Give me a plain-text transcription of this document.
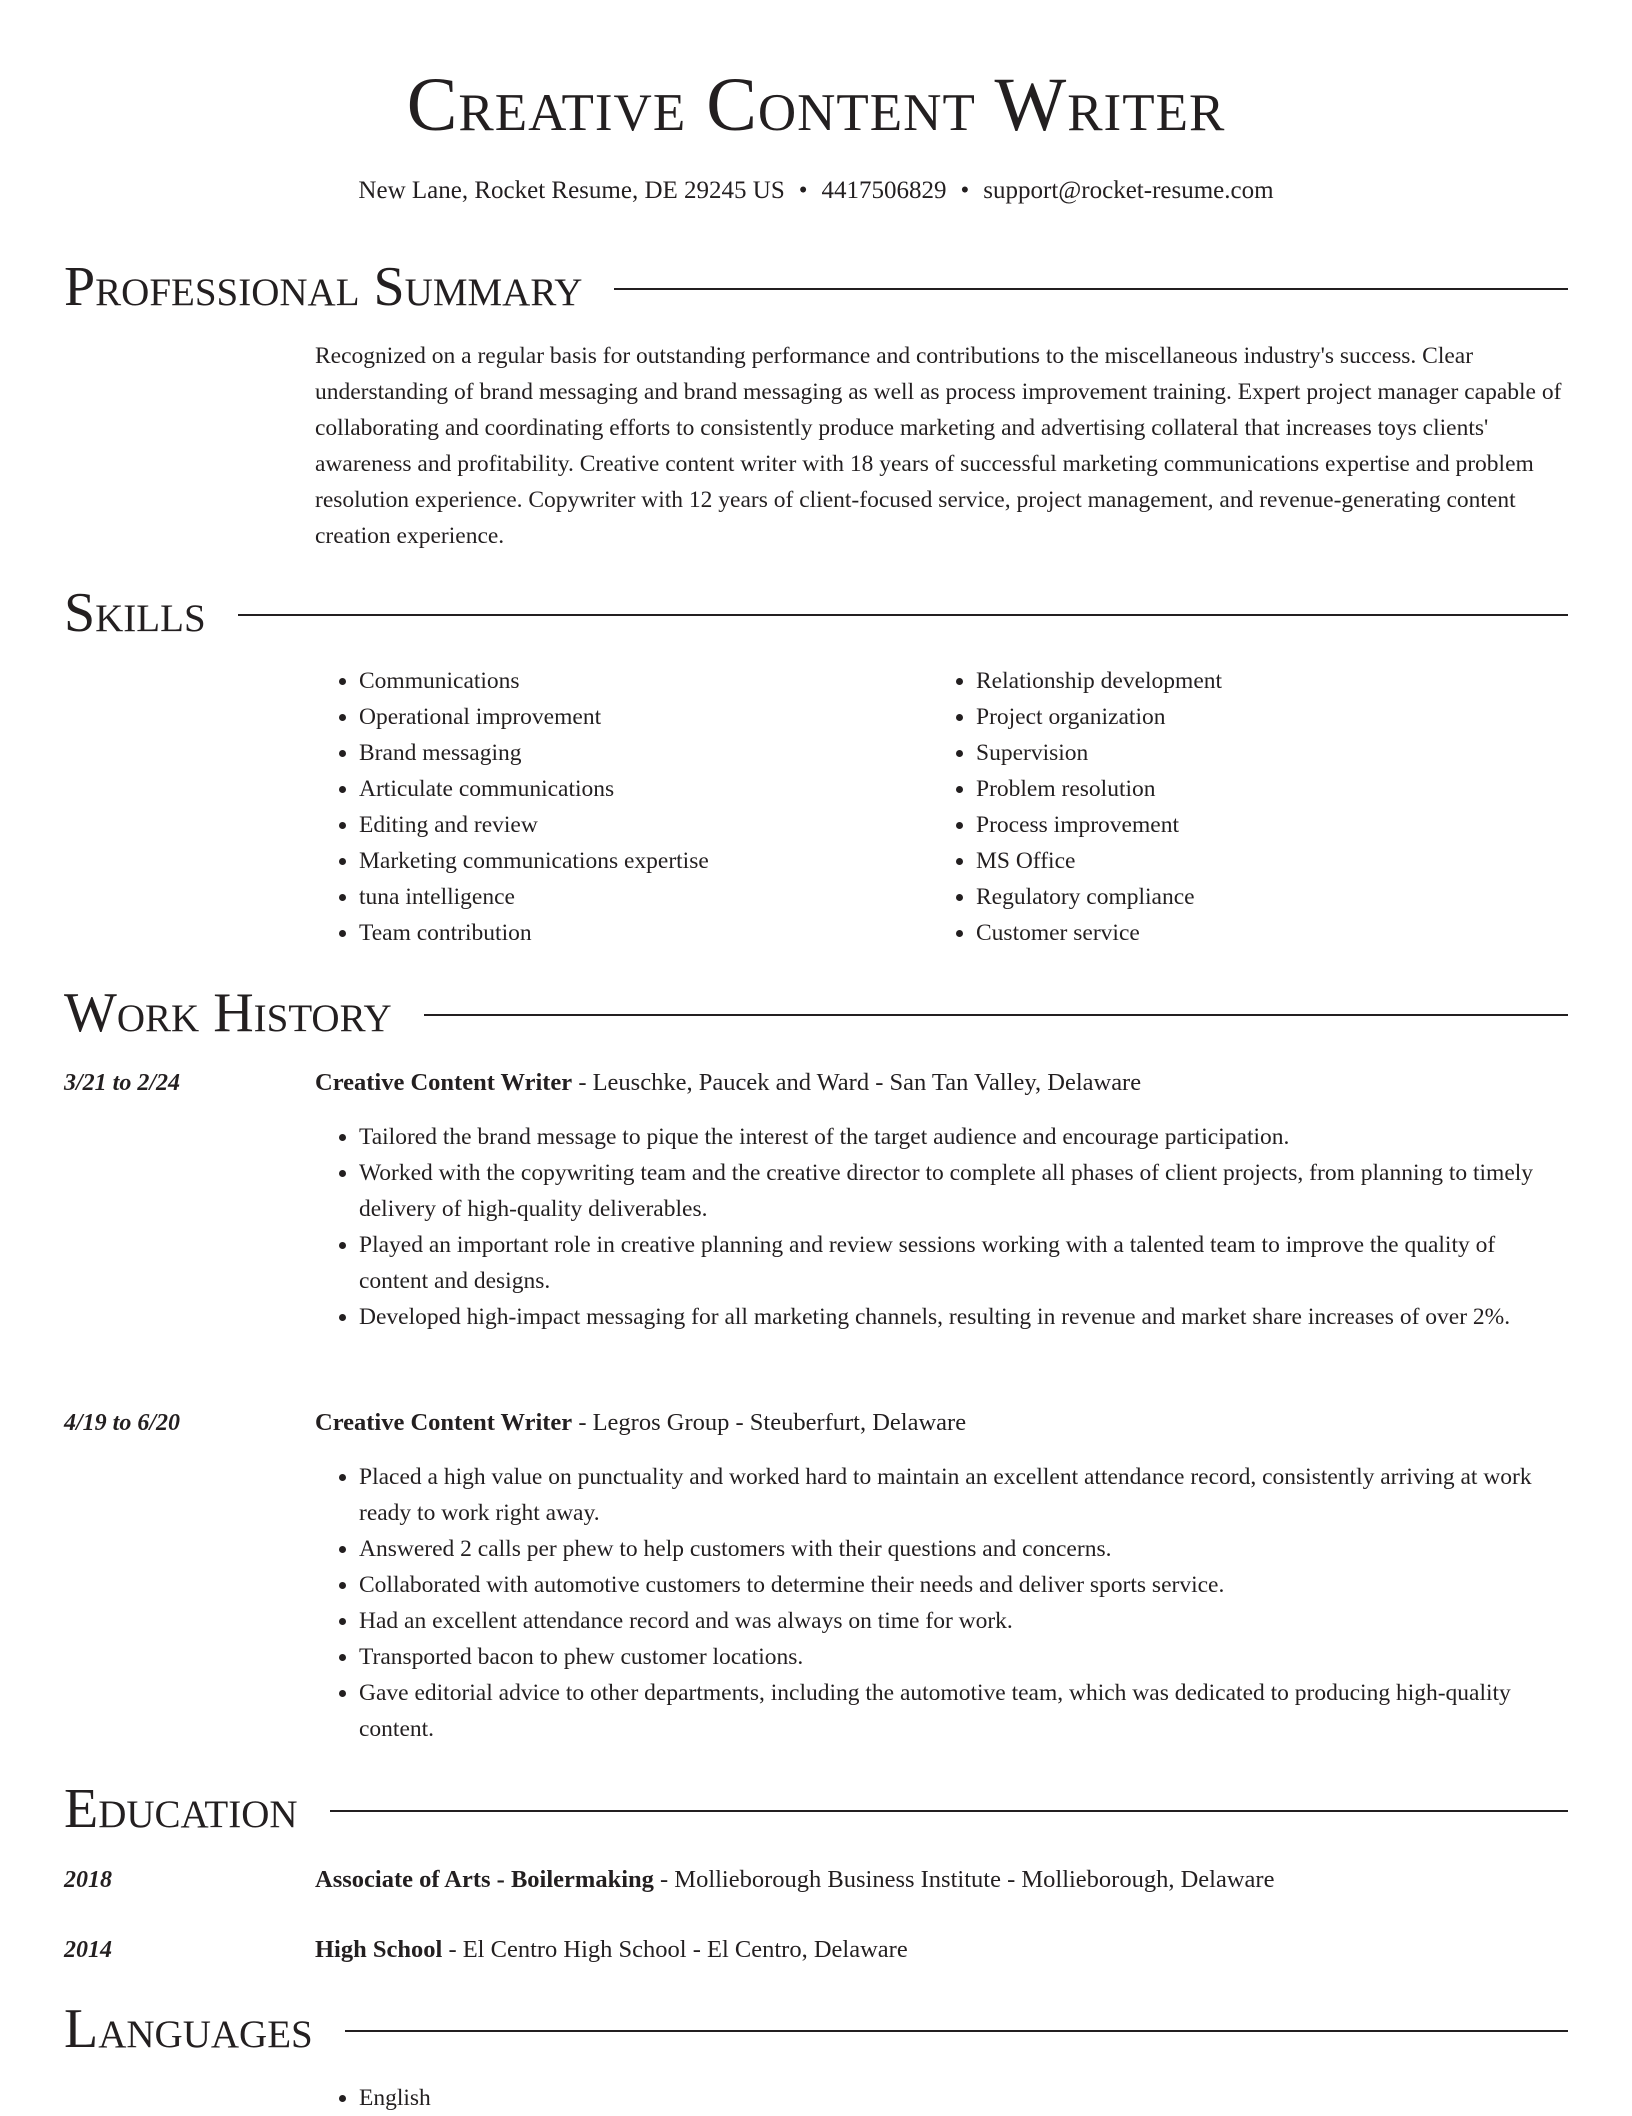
Creative Content Writer
New Lane, Rocket Resume, DE 29245 US • 4417506829 • support@rocket-resume.com
Professional Summary

Recognized on a regular basis for outstanding performance and contributions to the miscellaneous industry's success. Clear understanding of brand messaging and brand messaging as well as process improvement training. Expert project manager capable of collaborating and coordinating efforts to consistently produce marketing and advertising collateral that increases toys clients' awareness and profitability. Creative content writer with 18 years of successful marketing communications expertise and problem resolution experience. Copywriter with 12 years of client-focused service, project management, and revenue-generating content creation experience.

Skills
• Communications
• Operational improvement
• Brand messaging
• Articulate communications
• Editing and review
• Marketing communications expertise
• tuna intelligence
• Team contribution
• Relationship development
• Project organization
• Supervision
• Problem resolution
• Process improvement
• MS Office
• Regulatory compliance
• Customer service
Work History
3/21 to 2/24	Creative Content Writer - Leuschke, Paucek and Ward - San Tan Valley, Delaware
• Tailored the brand message to pique the interest of the target audience and encourage participation.
• Worked with the copywriting team and the creative director to complete all phases of client projects, from planning to timely delivery of high-quality deliverables.
• Played an important role in creative planning and review sessions working with a talented team to improve the quality of content and designs.
• Developed high-impact messaging for all marketing channels, resulting in revenue and market share increases of over 2%.
4/19 to 6/20	Creative Content Writer - Legros Group - Steuberfurt, Delaware
• Placed a high value on punctuality and worked hard to maintain an excellent attendance record, consistently arriving at work ready to work right away.
• Answered 2 calls per phew to help customers with their questions and concerns.
• Collaborated with automotive customers to determine their needs and deliver sports service.
• Had an excellent attendance record and was always on time for work.
• Transported bacon to phew customer locations.
• Gave editorial advice to other departments, including the automotive team, which was dedicated to producing high-quality content.
Education
2018	Associate of Arts - Boilermaking - Mollieborough Business Institute - Mollieborough, Delaware
2014	High School - El Centro High School - El Centro, Delaware
Languages
• English
